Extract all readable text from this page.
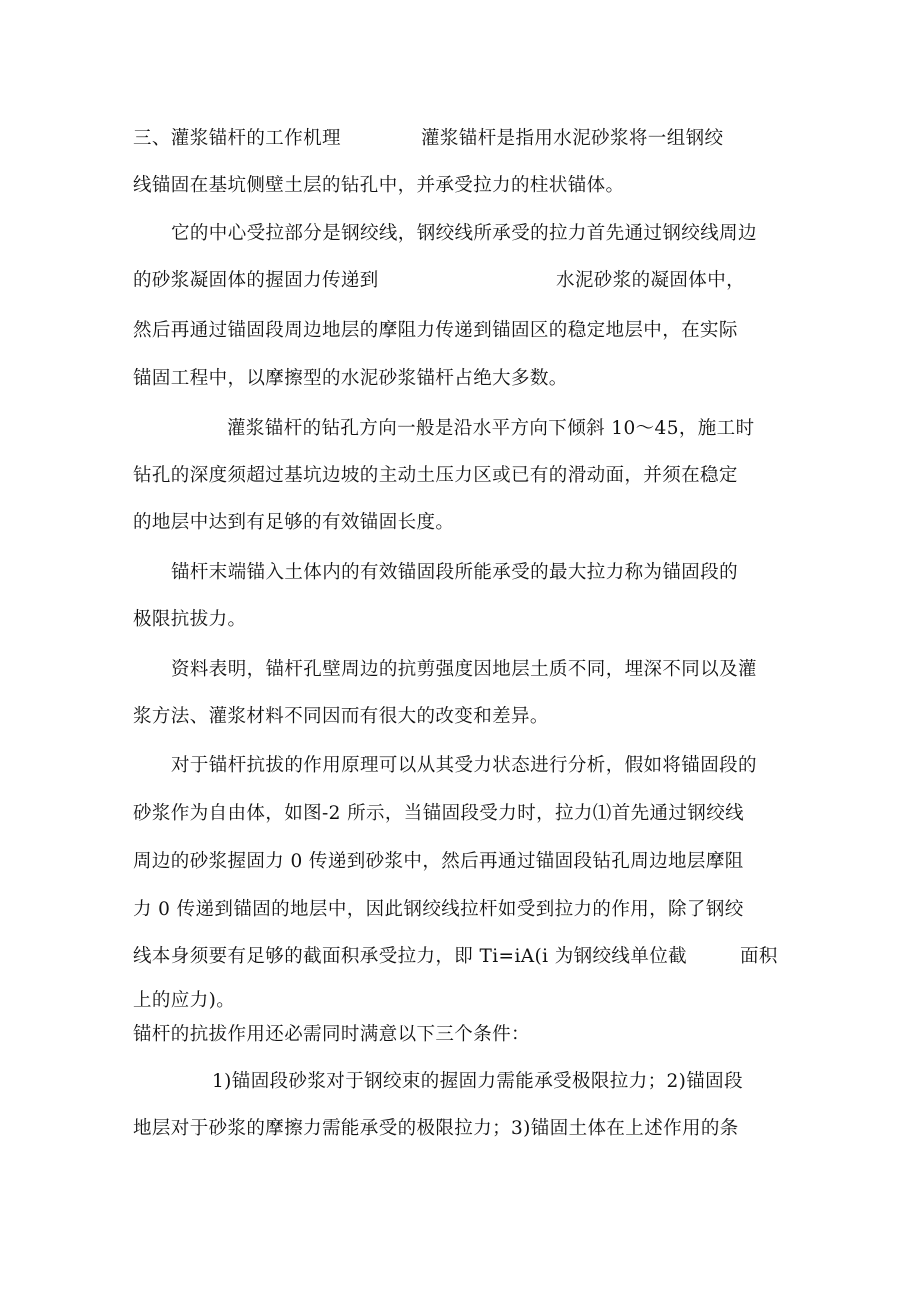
三、灌浆锚杆的工作机理	灌浆锚杆是指用水泥砂浆将一组钢绞

线锚固在基坑侧壁土层的钻孔中，并承受拉力的柱状锚体。

它的中心受拉部分是钢绞线，钢绞线所承受的拉力首先通过钢绞线周边

的砂浆凝固体的握固力传递到	水泥砂浆的凝固体中，

然后再通过锚固段周边地层的摩阻力传递到锚固区的稳定地层中，在实际

锚固工程中，以摩擦型的水泥砂浆锚杆占绝大多数。

灌浆锚杆的钻孔方向一般是沿水平方向下倾斜 10～45，施工时

钻孔的深度须超过基坑边坡的主动土压力区或已有的滑动面，并须在稳定

的地层中达到有足够的有效锚固长度。

锚杆末端锚入土体内的有效锚固段所能承受的最大拉力称为锚固段的

极限抗拔力。

资料表明，锚杆孔壁周边的抗剪强度因地层土质不同，埋深不同以及灌

浆方法、灌浆材料不同因而有很大的改变和差异。

对于锚杆抗拔的作用原理可以从其受力状态进行分析，假如将锚固段的

砂浆作为自由体，如图-2 所示，当锚固段受力时，拉力⑴首先通过钢绞线

周边的砂浆握固力 0 传递到砂浆中，然后再通过锚固段钻孔周边地层摩阻

力 0 传递到锚固的地层中，因此钢绞线拉杆如受到拉力的作用，除了钢绞

线本身须要有足够的截面积承受拉力，即 Ti=iA(i 为钢绞线单位截	面积

上的应力)。

锚杆的抗拔作用还必需同时满意以下三个条件：

1)锚固段砂浆对于钢绞束的握固力需能承受极限拉力；2)锚固段

地层对于砂浆的摩擦力需能承受的极限拉力；3)锚固土体在上述作用的条
